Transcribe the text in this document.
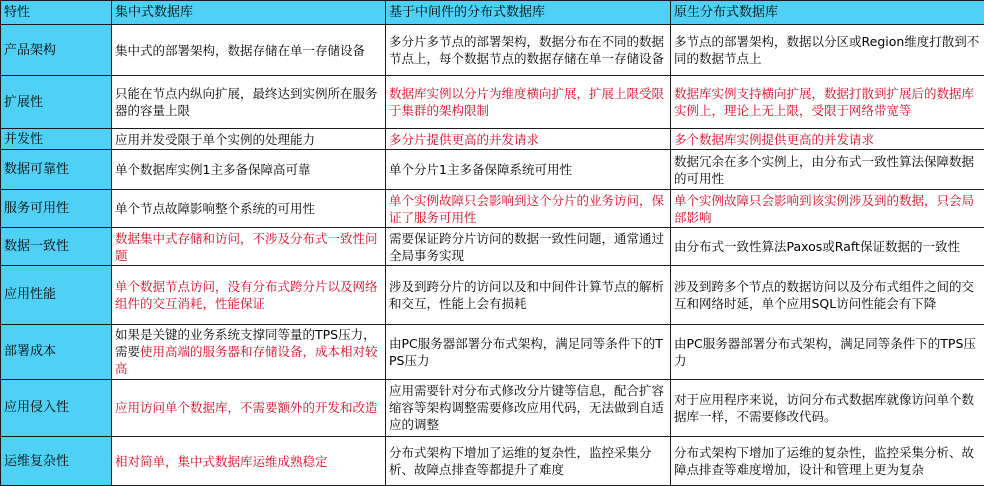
特性	集中式数据库	基于中间件的分布式数据库	原生分布式数据库
产品架构	集中式的部署架构，数据存储在单一存储设备	多分片多节点的部署架构，数据分布在不同的数据节点上，每个数据节点的数据存储在单一存储设备	多节点的部署架构，数据以分区或Region维度打散到不同的数据节点上
扩展性	只能在节点内纵向扩展，最终达到实例所在服务器的容量上限	数据库实例以分片为维度横向扩展，扩展上限受限于集群的架构限制	数据库实例支持横向扩展，数据打散到扩展后的数据库实例上，理论上无上限，受限于网络带宽等
并发性	应用并发受限于单个实例的处理能力	多分片提供更高的并发请求	多个数据库实例提供更高的并发请求
数据可靠性	单个数据库实例1主多备保障高可靠	单个分片1主多备保障系统可用性	数据冗余在多个实例上，由分布式一致性算法保障数据的可用性
服务可用性	单个节点故障影响整个系统的可用性	单个实例故障只会影响到这个分片的业务访问，保证了服务可用性	单个实例故障只会影响到该实例涉及到的数据，只会局部影响
数据一致性	数据集中式存储和访问，不涉及分布式一致性问题	需要保证跨分片访问的数据一致性问题，通常通过全局事务实现	由分布式一致性算法Paxos或Raft保证数据的一致性
应用性能	单个数据节点访问，没有分布式跨分片以及网络组件的交互消耗，性能保证	涉及到跨分片的访问以及和中间件计算节点的解析和交互，性能上会有损耗	涉及到跨多个节点的数据访问以及分布式组件之间的交互和网络时延，单个应用SQL访问性能会有下降
部署成本	如果是关键的业务系统支撑同等量的TPS压力，需要使用高端的服务器和存储设备，成本相对较高	由PC服务器部署分布式架构，满足同等条件下的TPS压力	由PC服务器部署分布式架构，满足同等条件下的TPS压力
应用侵入性	应用访问单个数据库，不需要额外的开发和改造	应用需要针对分布式修改分片键等信息，配合扩容缩容等架构调整需要修改应用代码，无法做到自适应的调整	对于应用程序来说，访问分布式数据库就像访问单个数据库一样，不需要修改代码。
运维复杂性	相对简单，集中式数据库运维成熟稳定	分布式架构下增加了运维的复杂性，监控采集分析、故障点排查等都提升了难度	分布式架构下增加了运维的复杂性，监控采集分析、故障点排查等难度增加，设计和管理上更为复杂
